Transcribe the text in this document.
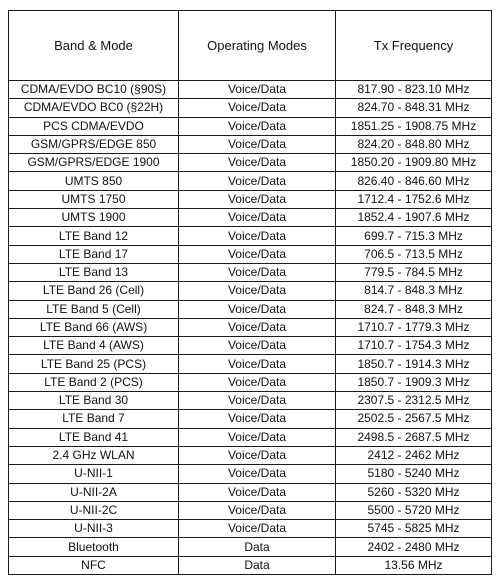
Band & Mode	Operating Modes	Tx Frequency
CDMA/EVDO BC10 (§90S)	Voice/Data	817.90 - 823.10 MHz
CDMA/EVDO BC0 (§22H)	Voice/Data	824.70 - 848.31 MHz
PCS CDMA/EVDO	Voice/Data	1851.25 - 1908.75 MHz
GSM/GPRS/EDGE 850	Voice/Data	824.20 - 848.80 MHz
GSM/GPRS/EDGE 1900	Voice/Data	1850.20 - 1909.80 MHz
UMTS 850	Voice/Data	826.40 - 846.60 MHz
UMTS 1750	Voice/Data	1712.4 - 1752.6 MHz
UMTS 1900	Voice/Data	1852.4 - 1907.6 MHz
LTE Band 12	Voice/Data	699.7 - 715.3 MHz
LTE Band 17	Voice/Data	706.5 - 713.5 MHz
LTE Band 13	Voice/Data	779.5 - 784.5 MHz
LTE Band 26 (Cell)	Voice/Data	814.7 - 848.3 MHz
LTE Band 5 (Cell)	Voice/Data	824.7 - 848.3 MHz
LTE Band 66 (AWS)	Voice/Data	1710.7 - 1779.3 MHz
LTE Band 4 (AWS)	Voice/Data	1710.7 - 1754.3 MHz
LTE Band 25 (PCS)	Voice/Data	1850.7 - 1914.3 MHz
LTE Band 2 (PCS)	Voice/Data	1850.7 - 1909.3 MHz
LTE Band 30	Voice/Data	2307.5 - 2312.5 MHz
LTE Band 7	Voice/Data	2502.5 - 2567.5 MHz
LTE Band 41	Voice/Data	2498.5 - 2687.5 MHz
2.4 GHz WLAN	Voice/Data	2412 - 2462 MHz
U-NII-1	Voice/Data	5180 - 5240 MHz
U-NII-2A	Voice/Data	5260 - 5320 MHz
U-NII-2C	Voice/Data	5500 - 5720 MHz
U-NII-3	Voice/Data	5745 - 5825 MHz
Bluetooth	Data	2402 - 2480 MHz
NFC	Data	13.56 MHz
